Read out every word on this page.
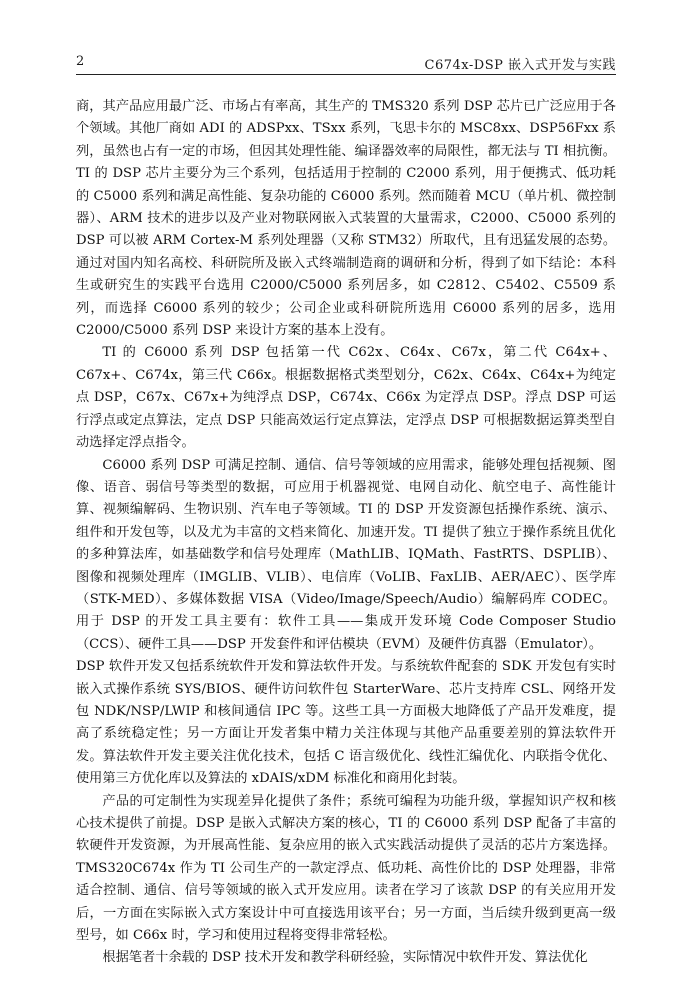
2	C674x-DSP 嵌入式开发与实践

商，其产品应用最广泛、市场占有率高，其生产的 TMS320 系列 DSP 芯片已广泛应用于各个领域。其他厂商如 ADI 的 ADSPxx、TSxx 系列，飞思卡尔的 MSC8xx、DSP56Fxx 系列，虽然也占有一定的市场，但因其处理性能、编译器效率的局限性，都无法与 TI 相抗衡。TI 的 DSP 芯片主要分为三个系列，包括适用于控制的 C2000 系列，用于便携式、低功耗的 C5000 系列和满足高性能、复杂功能的 C6000 系列。然而随着 MCU（单片机、微控制器）、ARM 技术的进步以及产业对物联网嵌入式装置的大量需求，C2000、C5000 系列的 DSP 可以被 ARM Cortex-M 系列处理器（又称 STM32）所取代，且有迅猛发展的态势。通过对国内知名高校、科研院所及嵌入式终端制造商的调研和分析，得到了如下结论：本科生或研究生的实践平台选用 C2000/C5000 系列居多，如 C2812、C5402、C5509 系列，而选择 C6000 系列的较少；公司企业或科研院所选用 C6000 系列的居多，选用 C2000/C5000 系列 DSP 来设计方案的基本上没有。

TI 的 C6000 系列 DSP 包括第一代 C62x、C64x、C67x，第二代 C64x+、C67x+、C674x，第三代 C66x。根据数据格式类型划分，C62x、C64x、C64x+为纯定点 DSP，C67x、C67x+为纯浮点 DSP，C674x、C66x 为定浮点 DSP。浮点 DSP 可运行浮点或定点算法，定点 DSP 只能高效运行定点算法，定浮点 DSP 可根据数据运算类型自动选择定浮点指令。

C6000 系列 DSP 可满足控制、通信、信号等领域的应用需求，能够处理包括视频、图像、语音、弱信号等类型的数据，可应用于机器视觉、电网自动化、航空电子、高性能计算、视频编解码、生物识别、汽车电子等领域。TI 的 DSP 开发资源包括操作系统、演示、组件和开发包等，以及尤为丰富的文档来简化、加速开发。TI 提供了独立于操作系统且优化的多种算法库，如基础数学和信号处理库（MathLIB、IQMath、FastRTS、DSPLIB）、图像和视频处理库（IMGLIB、VLIB）、电信库（VoLIB、FaxLIB、AER/AEC）、医学库（STK-MED）、多媒体数据 VISA（Video/Image/Speech/Audio）编解码库 CODEC。用于 DSP 的开发工具主要有：软件工具——集成开发环境 Code Composer Studio（CCS）、硬件工具——DSP 开发套件和评估模块（EVM）及硬件仿真器（Emulator）。

DSP 软件开发又包括系统软件开发和算法软件开发。与系统软件配套的 SDK 开发包有实时嵌入式操作系统 SYS/BIOS、硬件访问软件包 StarterWare、芯片支持库 CSL、网络开发包 NDK/NSP/LWIP 和核间通信 IPC 等。这些工具一方面极大地降低了产品开发难度，提高了系统稳定性；另一方面让开发者集中精力关注体现与其他产品重要差别的算法软件开发。算法软件开发主要关注优化技术，包括 C 语言级优化、线性汇编优化、内联指令优化、使用第三方优化库以及算法的 xDAIS/xDM 标准化和商用化封装。

产品的可定制性为实现差异化提供了条件；系统可编程为功能升级，掌握知识产权和核心技术提供了前提。DSP 是嵌入式解决方案的核心，TI 的 C6000 系列 DSP 配备了丰富的软硬件开发资源，为开展高性能、复杂应用的嵌入式实践活动提供了灵活的芯片方案选择。TMS320C674x 作为 TI 公司生产的一款定浮点、低功耗、高性价比的 DSP 处理器，非常适合控制、通信、信号等领域的嵌入式开发应用。读者在学习了该款 DSP 的有关应用开发后，一方面在实际嵌入式方案设计中可直接选用该平台；另一方面，当后续升级到更高一级型号，如 C66x 时，学习和使用过程将变得非常轻松。

根据笔者十余载的 DSP 技术开发和教学科研经验，实际情况中软件开发、算法优化
